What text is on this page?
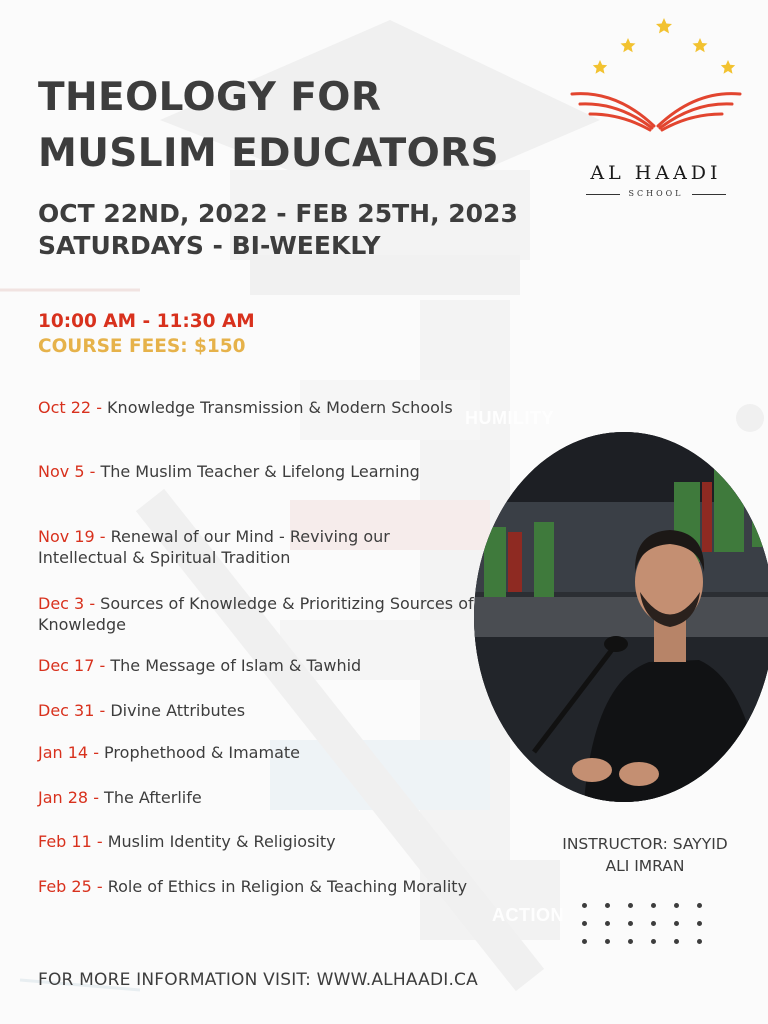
HUMILITY
ACTION
THEOLOGY FOR
MUSLIM EDUCATORS
OCT 22ND, 2022 - FEB 25TH, 2023
SATURDAYS - BI-WEEKLY
10:00 AM - 11:30 AM
COURSE FEES: $150
AL HAADI
SCHOOL
Oct 22 - Knowledge Transmission & Modern Schools
Nov 5 - The Muslim Teacher & Lifelong Learning
Nov 19 - Renewal of our Mind - Reviving our Intellectual & Spiritual Tradition
Dec 3 - Sources of Knowledge & Prioritizing Sources of Knowledge
Dec 17 - The Message of Islam & Tawhid
Dec 31 - Divine Attributes
Jan 14 - Prophethood & Imamate
Jan 28 - The Afterlife
Feb 11 - Muslim Identity & Religiosity
Feb 25 - Role of Ethics in Religion & Teaching Morality
INSTRUCTOR: SAYYID
ALI IMRAN
FOR MORE INFORMATION VISIT: WWW.ALHAADI.CA
